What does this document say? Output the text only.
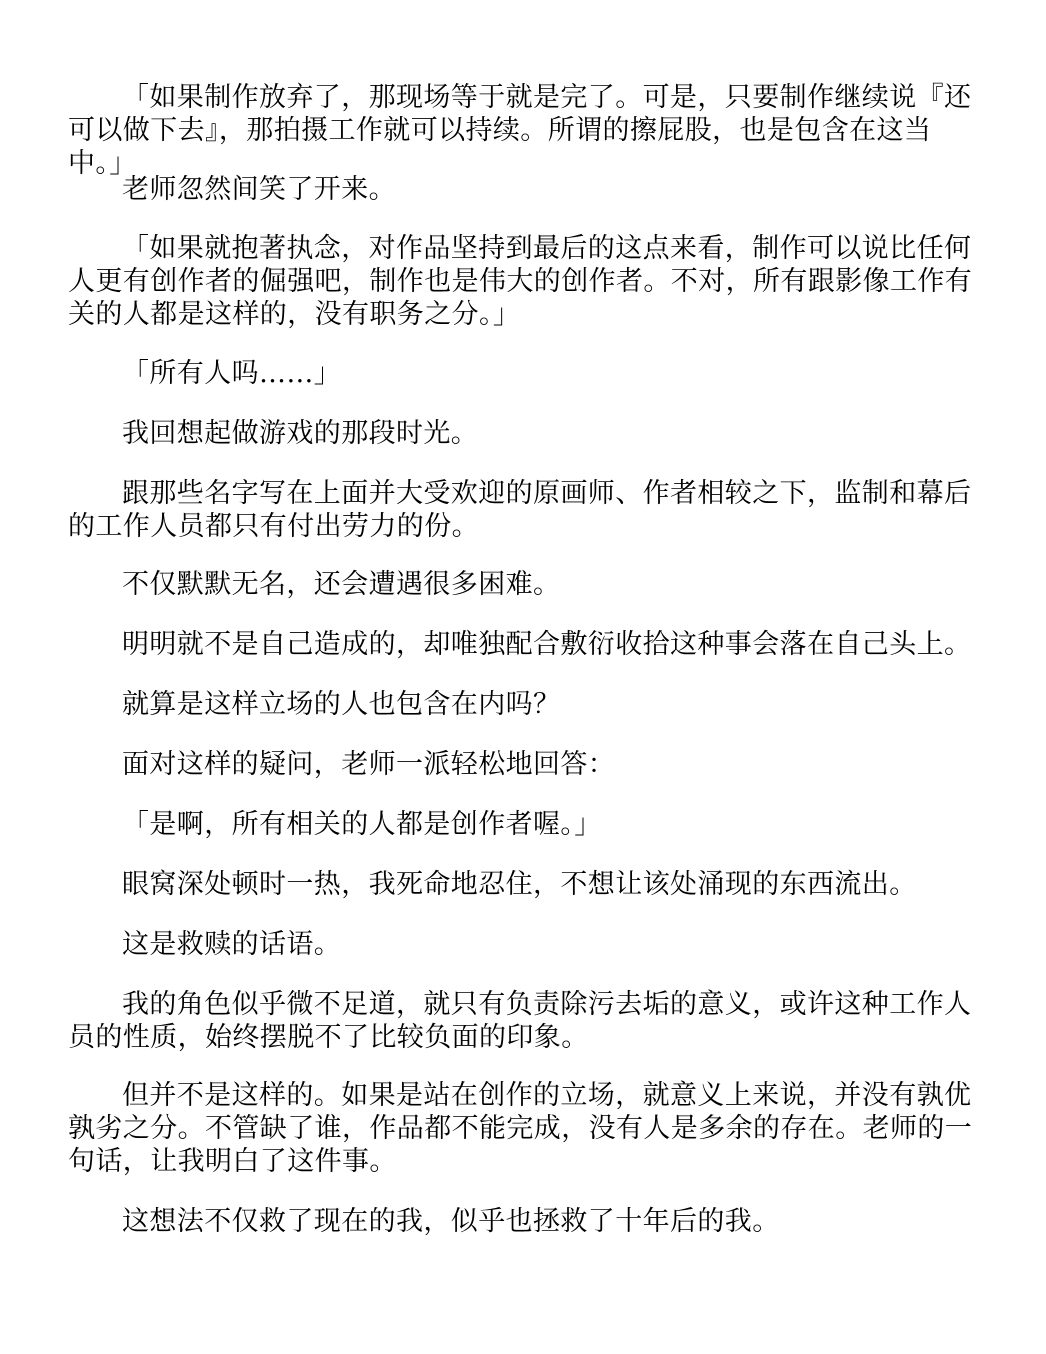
「如果制作放弃了，那现场等于就是完了。可是，只要制作继续说『还可以做下去』，那拍摄工作就可以持续。所谓的擦屁股，也是包含在这当中。」

老师忽然间笑了开来。

「如果就抱著执念，对作品坚持到最后的这点来看，制作可以说比任何人更有创作者的倔强吧，制作也是伟大的创作者。不对，所有跟影像工作有关的人都是这样的，没有职务之分。」

「所有人吗……」

我回想起做游戏的那段时光。

跟那些名字写在上面并大受欢迎的原画师、作者相较之下，监制和幕后的工作人员都只有付出劳力的份。

不仅默默无名，还会遭遇很多困难。

明明就不是自己造成的，却唯独配合敷衍收拾这种事会落在自己头上。

就算是这样立场的人也包含在内吗？

面对这样的疑问，老师一派轻松地回答：

「是啊，所有相关的人都是创作者喔。」

眼窝深处顿时一热，我死命地忍住，不想让该处涌现的东西流出。

这是救赎的话语。

我的角色似乎微不足道，就只有负责除污去垢的意义，或许这种工作人员的性质，始终摆脱不了比较负面的印象。

但并不是这样的。如果是站在创作的立场，就意义上来说，并没有孰优孰劣之分。不管缺了谁，作品都不能完成，没有人是多余的存在。老师的一句话，让我明白了这件事。

这想法不仅救了现在的我，似乎也拯救了十年后的我。
